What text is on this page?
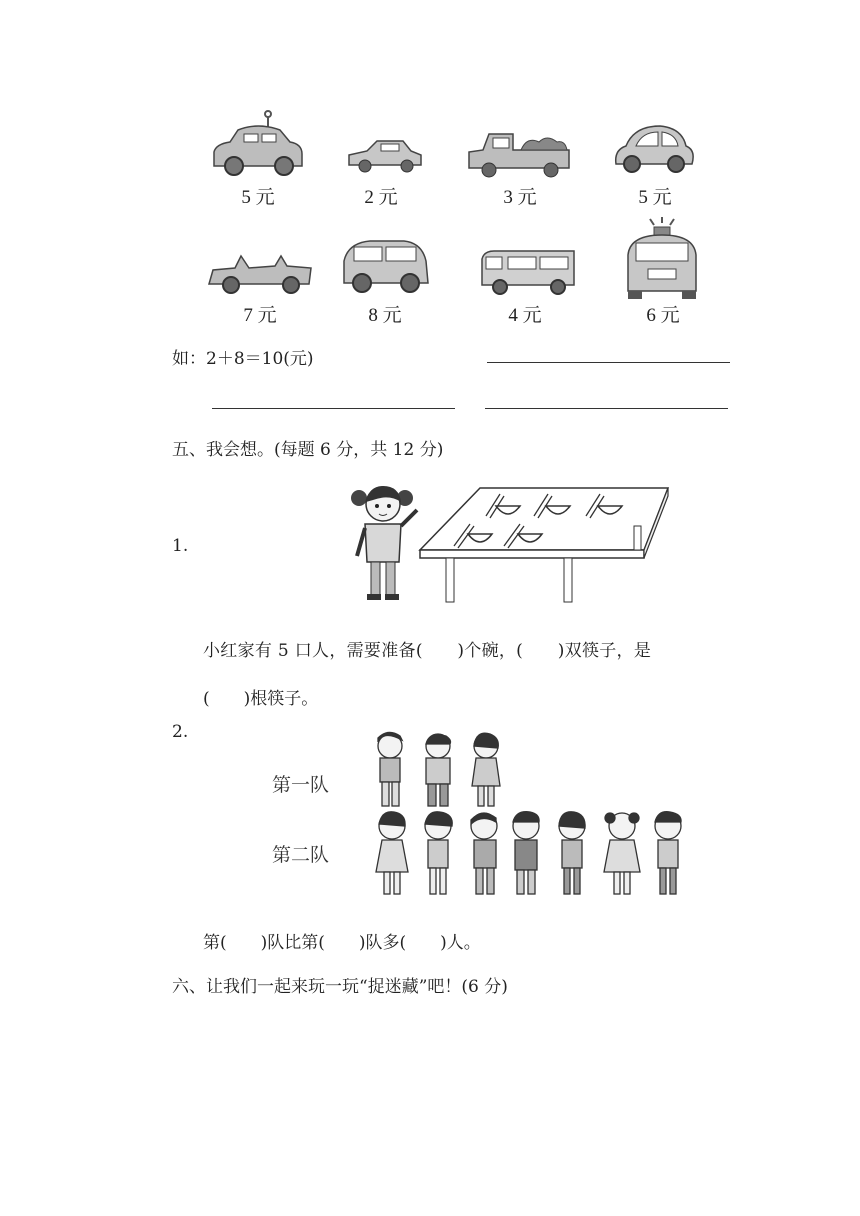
5 元	2 元	3 元	5 元
7 元	8 元	4 元	6 元
如：2＋8＝10(元)
五、我会想。(每题 6 分，共 12 分)
1.
小红家有 5 口人，需要准备(　　)个碗，(　　)双筷子，是
(　　)根筷子。
2.
第一队
第二队
第(　　)队比第(　　)队多(　　)人。
六、让我们一起来玩一玩“捉迷藏”吧！(6 分)
